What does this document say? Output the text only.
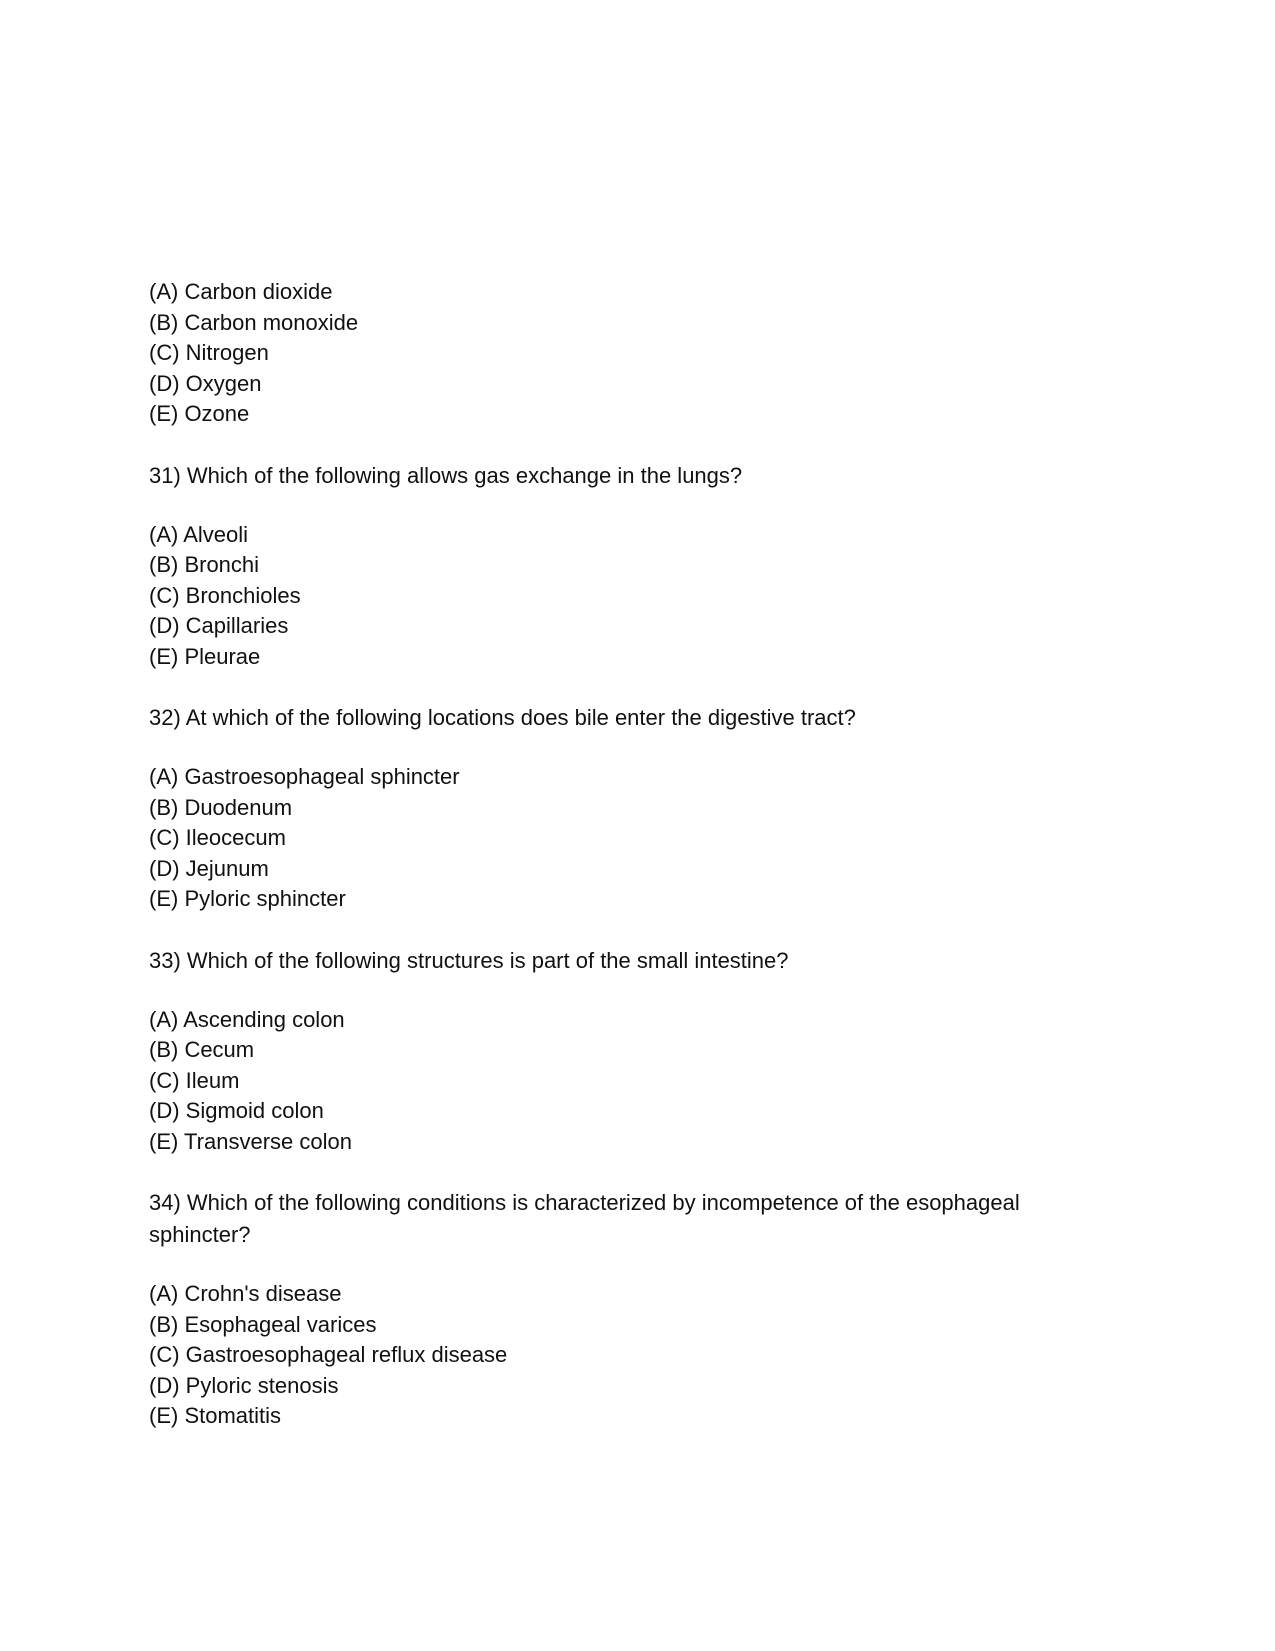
(A) Carbon dioxide
(B) Carbon monoxide
(C) Nitrogen
(D) Oxygen
(E) Ozone
31) Which of the following allows gas exchange in the lungs?
(A) Alveoli
(B) Bronchi
(C) Bronchioles
(D) Capillaries
(E) Pleurae
32) At which of the following locations does bile enter the digestive tract?
(A) Gastroesophageal sphincter
(B) Duodenum
(C) Ileocecum
(D) Jejunum
(E) Pyloric sphincter
33) Which of the following structures is part of the small intestine?
(A) Ascending colon
(B) Cecum
(C) Ileum
(D) Sigmoid colon
(E) Transverse colon
34) Which of the following conditions is characterized by incompetence of the esophageal sphincter?
(A) Crohn's disease
(B) Esophageal varices
(C) Gastroesophageal reflux disease
(D) Pyloric stenosis
(E) Stomatitis
